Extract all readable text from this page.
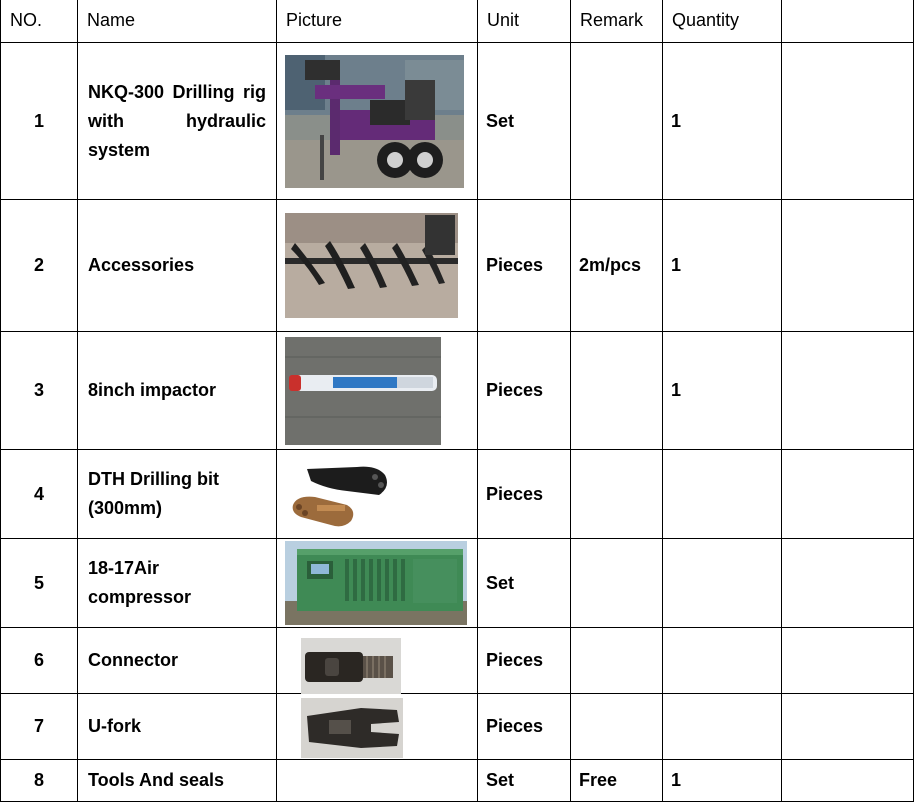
NO.	Name	Picture	Unit	Remark	Quantity	
1	NKQ-300 Drilling rig with hydraulic system		Set		1	
2	Accessories		Pieces	2m/pcs	1	
3	8inch impactor		Pieces		1	
4	DTH Drilling bit (300mm)		Pieces			
5	18-17Air compressor		Set			
6	Connector		Pieces			
7	U-fork		Pieces			
8	Tools And seals		Set	Free	1	
